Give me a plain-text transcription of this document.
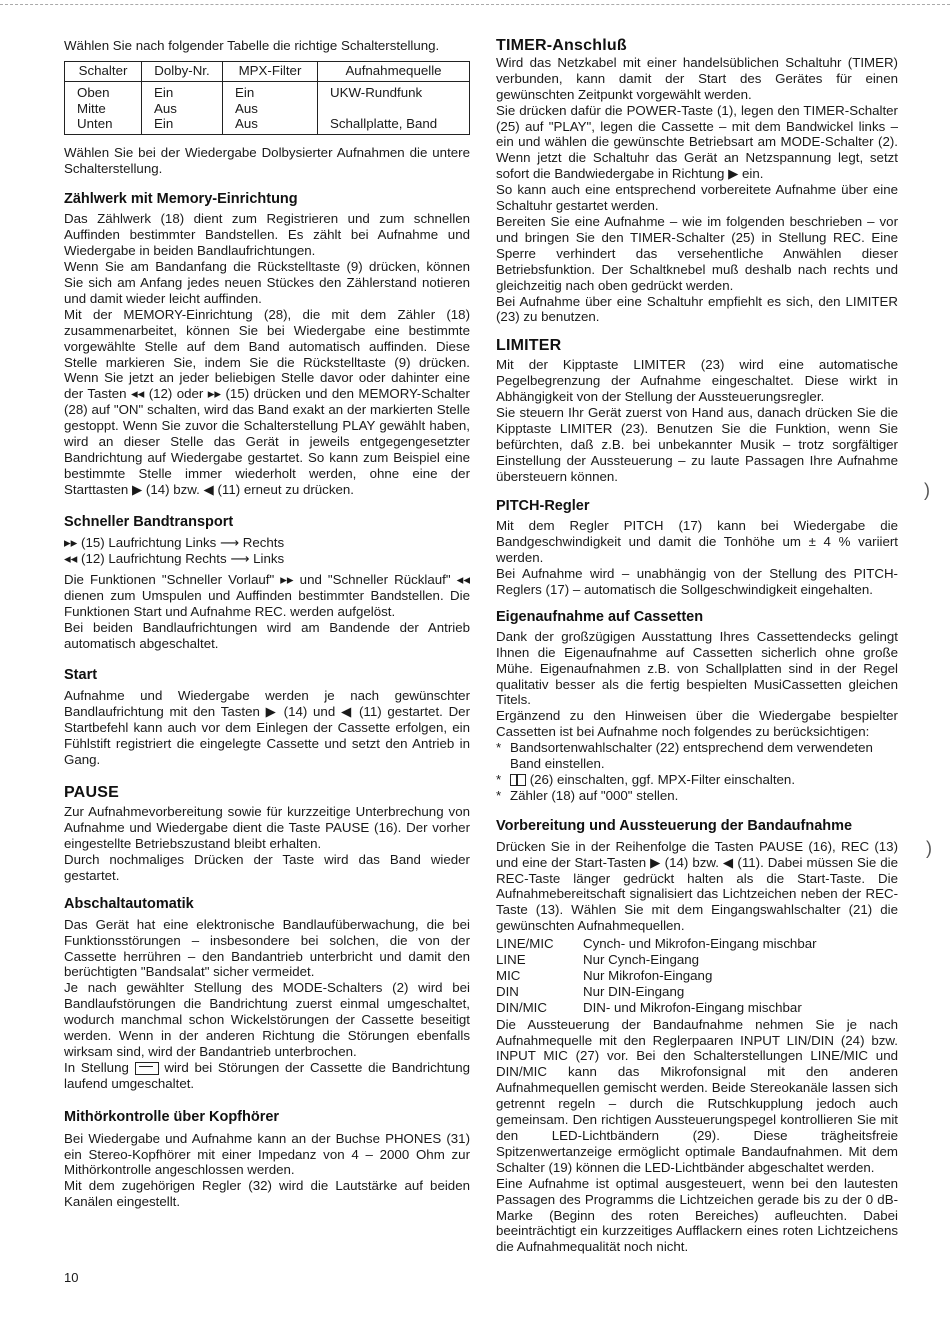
Wählen Sie nach folgender Tabelle die richtige Schalterstellung.

Schalter	Dolby-Nr.	MPX-Filter	Aufnahmequelle
Oben	Ein	Ein	UKW-Rundfunk
Mitte	Aus	Aus	
Unten	Ein	Aus	Schallplatte, Band

Wählen Sie bei der Wiedergabe Dolbysierter Aufnahmen die untere Schalterstellung.

Zählwerk mit Memory-Einrichtung

Das Zählwerk (18) dient zum Registrieren und zum schnellen Auffinden bestimmter Bandstellen. Es zählt bei Aufnahme und Wiedergabe in beiden Bandlaufrichtungen.

Wenn Sie am Bandanfang die Rückstelltaste (9) drücken, können Sie sich am Anfang jedes neuen Stückes den Zählerstand notieren und damit wieder leicht auffinden.

Mit der MEMORY-Einrichtung (28), die mit dem Zähler (18) zusammenarbeitet, können Sie bei Wiedergabe eine bestimmte vorgewählte Stelle auf dem Band automatisch auffinden. Diese Stelle markieren Sie, indem Sie die Rückstelltaste (9) drücken. Wenn Sie jetzt an jeder beliebigen Stelle davor oder dahinter eine der Tasten ◂◂ (12) oder ▸▸ (15) drücken und den MEMORY-Schalter (28) auf "ON" schalten, wird das Band exakt an der markierten Stelle gestoppt. Wenn Sie zuvor die Schalterstellung PLAY gewählt haben, wird an dieser Stelle das Gerät in jeweils entgegengesetzter Bandrichtung auf Wiedergabe gestartet. So kann zum Beispiel eine bestimmte Stelle immer wiederholt werden, ohne eine der Starttasten ▶ (14) bzw. ◀ (11) erneut zu drücken.

Schneller Bandtransport
▸▸ (15) Laufrichtung Links ⟶ Rechts
◂◂ (12) Laufrichtung Rechts ⟶ Links

Die Funktionen "Schneller Vorlauf" ▸▸ und "Schneller Rücklauf" ◂◂ dienen zum Umspulen und Auffinden bestimmter Bandstellen. Die Funktionen Start und Aufnahme REC. werden aufgelöst.

Bei beiden Bandlaufrichtungen wird am Bandende der Antrieb automatisch abgeschaltet.

Start

Aufnahme und Wiedergabe werden je nach gewünschter Bandlaufrichtung mit den Tasten ▶ (14) und ◀ (11) gestartet. Der Startbefehl kann auch vor dem Einlegen der Cassette erfolgen, ein Fühlstift registriert die eingelegte Cassette und setzt den Antrieb in Gang.

PAUSE

Zur Aufnahmevorbereitung sowie für kurzzeitige Unterbrechung von Aufnahme und Wiedergabe dient die Taste PAUSE (16). Der vorher eingestellte Betriebszustand bleibt erhalten.

Durch nochmaliges Drücken der Taste wird das Band wieder gestartet.

Abschaltautomatik

Das Gerät hat eine elektronische Bandlaufüberwachung, die bei Funktionsstörungen – insbesondere bei solchen, die von der Cassette herrühren – den Bandantrieb unterbricht und damit den berüchtigten "Bandsalat" sicher vermeidet.

Je nach gewählter Stellung des MODE-Schalters (2) wird bei Bandlaufstörungen die Bandrichtung zuerst einmal umgeschaltet, wodurch manchmal schon Wickelstörungen der Cassette beseitigt werden. Wenn in der anderen Richtung die Störungen ebenfalls wirksam sind, wird der Bandantrieb unterbrochen.

In Stellung	wird bei Störungen der Cassette die Bandrichtung laufend umgeschaltet.

Mithörkontrolle über Kopfhörer

Bei Wiedergabe und Aufnahme kann an der Buchse PHONES (31) ein Stereo-Kopfhörer mit einer Impedanz von 4 – 2000 Ohm zur Mithörkontrolle angeschlossen werden.

Mit dem zugehörigen Regler (32) wird die Lautstärke auf beiden Kanälen eingestellt.

TIMER-Anschluß

Wird das Netzkabel mit einer handelsüblichen Schaltuhr (TIMER) verbunden, kann damit der Start des Gerätes für einen gewünschten Zeitpunkt vorgewählt werden.

Sie drücken dafür die POWER-Taste (1), legen den TIMER-Schalter (25) auf "PLAY", legen die Cassette – mit dem Bandwickel links – ein und wählen die gewünschte Betriebsart am MODE-Schalter (2). Wenn jetzt die Schaltuhr das Gerät an Netzspannung legt, setzt sofort die Bandwiedergabe in Richtung ▶ ein.

So kann auch eine entsprechend vorbereitete Aufnahme über eine Schaltuhr gestartet werden.

Bereiten Sie eine Aufnahme – wie im folgenden beschrieben – vor und bringen Sie den TIMER-Schalter (25) in Stellung REC. Eine Sperre verhindert das versehentliche Anwählen dieser Betriebsfunktion. Der Schaltknebel muß deshalb nach rechts und gleichzeitig nach oben gedrückt werden.

Bei Aufnahme über eine Schaltuhr empfiehlt es sich, den LIMITER (23) zu benutzen.

LIMITER

Mit der Kipptaste LIMITER (23) wird eine automatische Pegelbegrenzung der Aufnahme eingeschaltet. Diese wirkt in Abhängigkeit von der Stellung der Aussteuerungsregler.

Sie steuern Ihr Gerät zuerst von Hand aus, danach drücken Sie die Kipptaste LIMITER (23). Benutzen Sie die Funktion, wenn Sie befürchten, daß z.B. bei unbekannter Musik – trotz sorgfältiger Einstellung der Aussteuerung – zu laute Passagen Ihre Aufnahme übersteuern können.

PITCH-Regler

Mit dem Regler PITCH (17) kann bei Wiedergabe die Bandgeschwindigkeit und damit die Tonhöhe um ± 4 % variiert werden.

Bei Aufnahme wird – unabhängig von der Stellung des PITCH-Reglers (17) – automatisch die Sollgeschwindigkeit eingehalten.

Eigenaufnahme auf Cassetten

Dank der großzügigen Ausstattung Ihres Cassettendecks gelingt Ihnen die Eigenaufnahme auf Cassetten sicherlich ohne große Mühe. Eigenaufnahmen z.B. von Schallplatten sind in der Regel qualitativ besser als die fertig bespielten MusiCassetten gleichen Titels.

Ergänzend zu den Hinweisen über die Wiedergabe bespielter Cassetten ist bei Aufnahme noch folgendes zu berücksichtigen:

* Bandsortenwahlschalter (22) entsprechend dem verwendeten Band einstellen.
*	(26) einschalten, ggf. MPX-Filter einschalten.
* Zähler (18) auf "000" stellen.
Vorbereitung und Aussteuerung der Bandaufnahme

Drücken Sie in der Reihenfolge die Tasten PAUSE (16), REC (13) und eine der Start-Tasten ▶ (14) bzw. ◀ (11). Dabei müssen Sie die REC-Taste länger gedrückt halten als die Start-Taste. Die Aufnahmebereitschaft signalisiert das Lichtzeichen neben der REC-Taste (13). Wählen Sie mit dem Eingangswahlschalter (21) die gewünschten Aufnahmequellen.

LINE/MIC	Cynch- und Mikrofon-Eingang mischbar
LINE	Nur Cynch-Eingang
MIC	Nur Mikrofon-Eingang
DIN	Nur DIN-Eingang
DIN/MIC	DIN- und Mikrofon-Eingang mischbar

Die Aussteuerung der Bandaufnahme nehmen Sie je nach Aufnahmequelle mit den Reglerpaaren INPUT LIN/DIN (24) bzw. INPUT MIC (27) vor. Bei den Schalterstellungen LINE/MIC und DIN/MIC kann das Mikrofonsignal mit den anderen Aufnahmequellen gemischt werden. Beide Stereokanäle lassen sich getrennt regeln – durch die Rutschkupplung jedoch auch gemeinsam. Den richtigen Aussteuerungspegel kontrollieren Sie mit den LED-Lichtbändern (29). Diese trägheitsfreie Spitzenwertanzeige ermöglicht optimale Bandaufnahmen. Mit dem Schalter (19) können die LED-Lichtbänder abgeschaltet werden.

Eine Aufnahme ist optimal ausgesteuert, wenn bei den lautesten Passagen des Programms die Lichtzeichen gerade bis zu der 0 dB-Marke (Beginn des roten Bereiches) aufleuchten. Dabei beeinträchtigt ein kurzzeitiges Aufflackern eines roten Lichtzeichens die Aufnahmequalität noch nicht.

10
)
)
